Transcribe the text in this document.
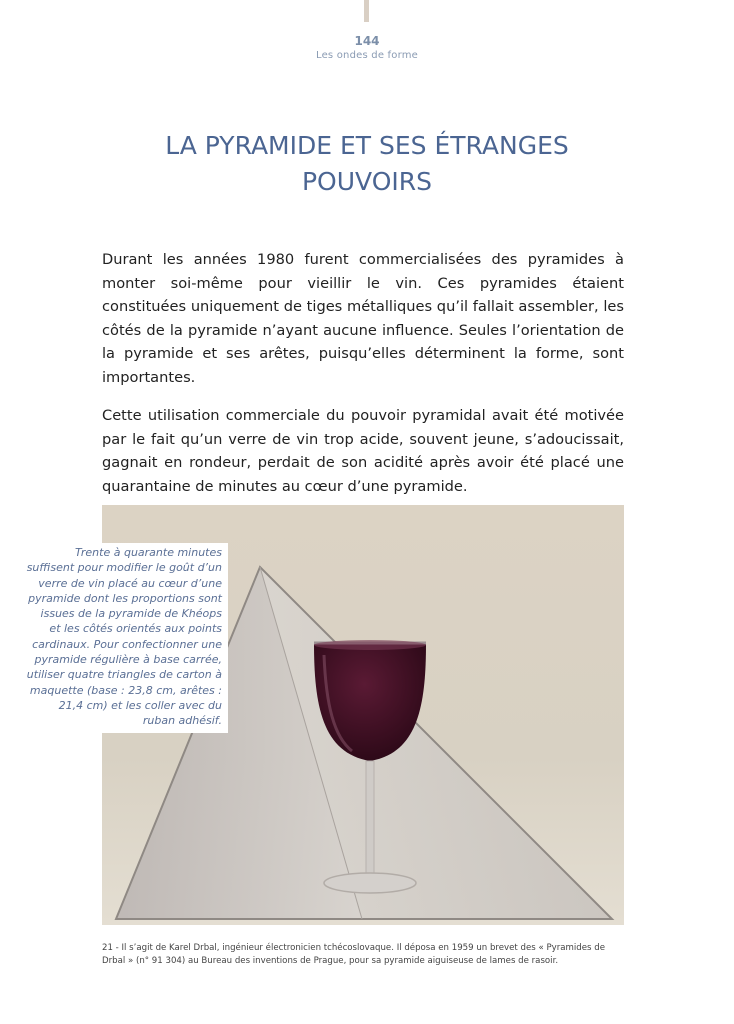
144
Les ondes de forme
LA PYRAMIDE ET SES ÉTRANGES POUVOIRS

Durant les années 1980 furent commercialisées des pyramides à monter soi-même pour vieillir le vin. Ces pyramides étaient constituées uniquement de tiges métalliques qu’il fallait assembler, les côtés de la pyramide n’ayant aucune influence. Seules l’orientation de la pyramide et ses arêtes, puisqu’elles déterminent la forme, sont importantes.

Cette utilisation commerciale du pouvoir pyramidal avait été motivée par le fait qu’un verre de vin trop acide, souvent jeune, s’adoucissait, gagnait en rondeur, perdait de son acidité après avoir été placé une quarantaine de minutes au cœur d’une pyramide.

Trente à quarante minutes suffisent pour modifier le goût d’un verre de vin placé au cœur d’une pyramide dont les proportions sont issues de la pyramide de Khéops et les côtés orientés aux points cardinaux. Pour confectionner une pyramide régulière à base carrée, utiliser quatre triangles de carton à maquette (base : 23,8 cm, arêtes : 21,4 cm) et les coller avec du ruban adhésif.

21 - Il s’agit de Karel Drbal, ingénieur électronicien tchécoslovaque. Il déposa en 1959 un brevet des « Pyramides de Drbal » (n° 91 304) au Bureau des inventions de Prague, pour sa pyramide aiguiseuse de lames de rasoir.
